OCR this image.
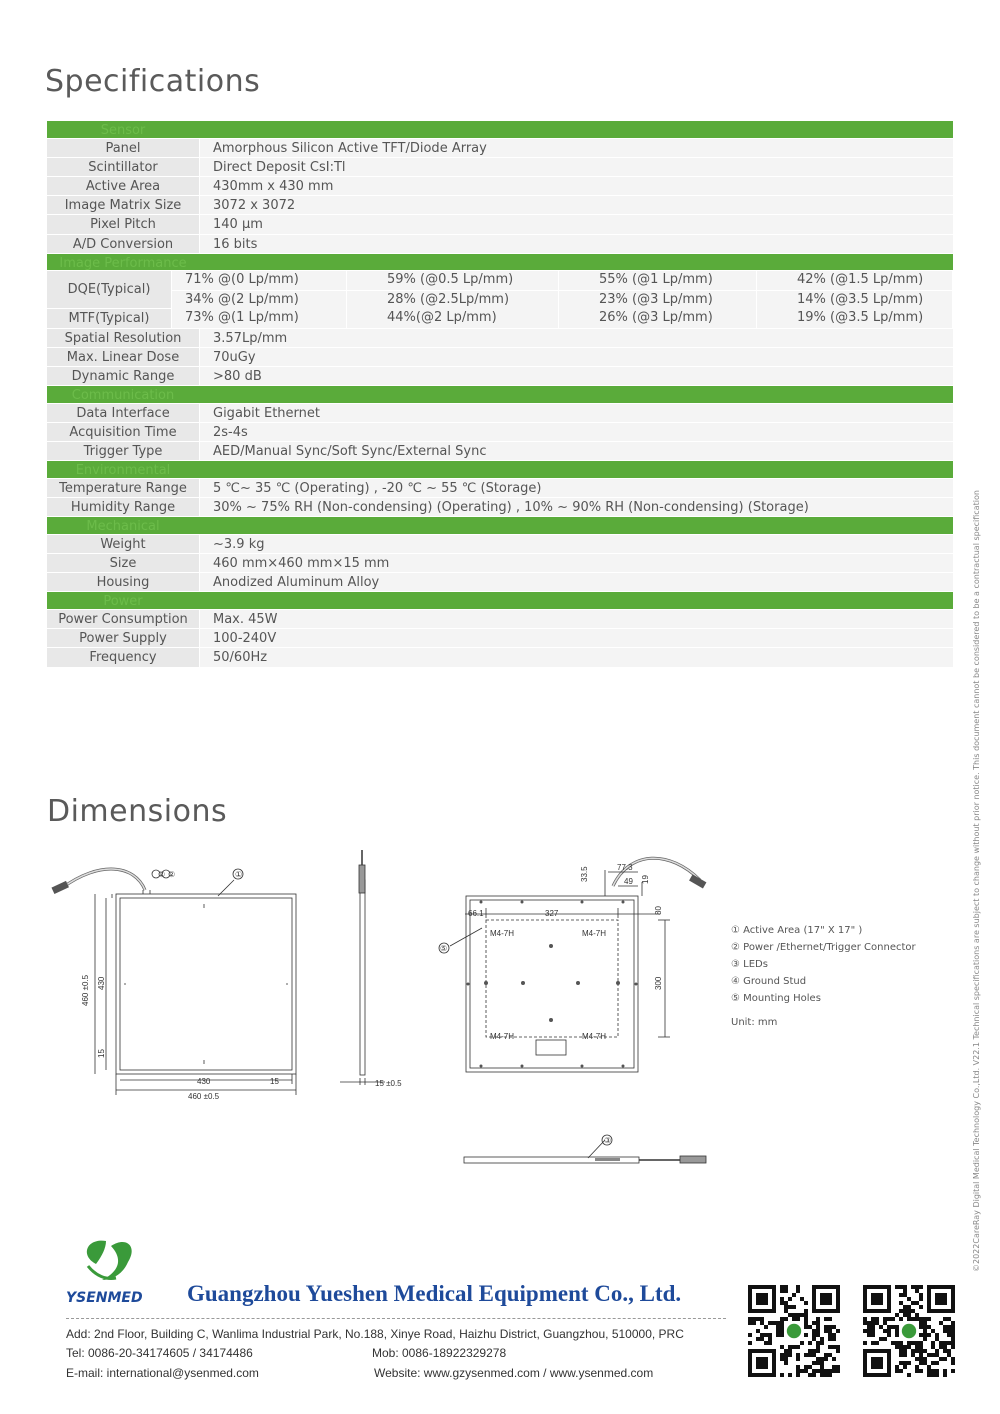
Specifications
Sensor
Panel	Amorphous Silicon Active TFT/Diode Array
Scintillator	Direct Deposit CsI:Tl
Active Area	430mm x 430 mm
Image Matrix Size	3072 x 3072
Pixel Pitch	140 μm
A/D Conversion	16 bits
Image Performance
DQE(Typical)
71% @(0 Lp/mm)	59% (@0.5 Lp/mm)	55% (@1 Lp/mm)	42% (@1.5 Lp/mm)
34% @(2 Lp/mm)	28% (@2.5Lp/mm)	23% (@3 Lp/mm)	14% (@3.5 Lp/mm)
MTF(Typical)	73% @(1 Lp/mm)	44%(@2 Lp/mm)	26% (@3 Lp/mm)	19% (@3.5 Lp/mm)
Spatial Resolution	3.57Lp/mm
Max. Linear Dose	70uGy
Dynamic Range	>80 dB
Communication
Data Interface	Gigabit Ethernet
Acquisition Time	2s-4s
Trigger Type	AED/Manual Sync/Soft Sync/External Sync
Environmental
Temperature Range	5 ℃~ 35 ℃ (Operating) , -20 ℃ ~ 55 ℃ (Storage)
Humidity Range	30% ~ 75% RH (Non-condensing) (Operating) , 10% ~ 90% RH (Non-condensing) (Storage)
Mechanical
Weight	~3.9 kg
Size	460 mm×460 mm×15 mm
Housing	Anodized Aluminum Alloy
Power
Power Consumption	Max. 45W
Power Supply	100-240V
Frequency	50/60Hz
Dimensions
② ②	①
⑤
③
460 ±0.5 430
15
430	15
460 ±0.5
15 ±0.5
327
66.1
300
80
33.5	77.3
49 19
M4-7H	M4-7H
M4-7H	M4-7H
① Active Area (17" X 17" )
② Power /Ethernet/Trigger Connector
③ LEDs
④ Ground Stud
⑤ Mounting Holes
Unit: mm	©2022CareRay Digital Medical Technology Co.,Ltd. V22.1 Technical specifications are subject to change without prior notice. This document cannot be considered to be a contractual specification
YSENMED Guangzhou Yueshen Medical Equipment Co., Ltd.
Add: 2nd Floor, Building C, Wanlima Industrial Park, No.188, Xinye Road, Haizhu District, Guangzhou, 510000, PRC
Tel: 0086-20-34174605 / 34174486	Mob: 0086-18922329278
E-mail: international@ysenmed.com	Website: www.gzysenmed.com / www.ysenmed.com
